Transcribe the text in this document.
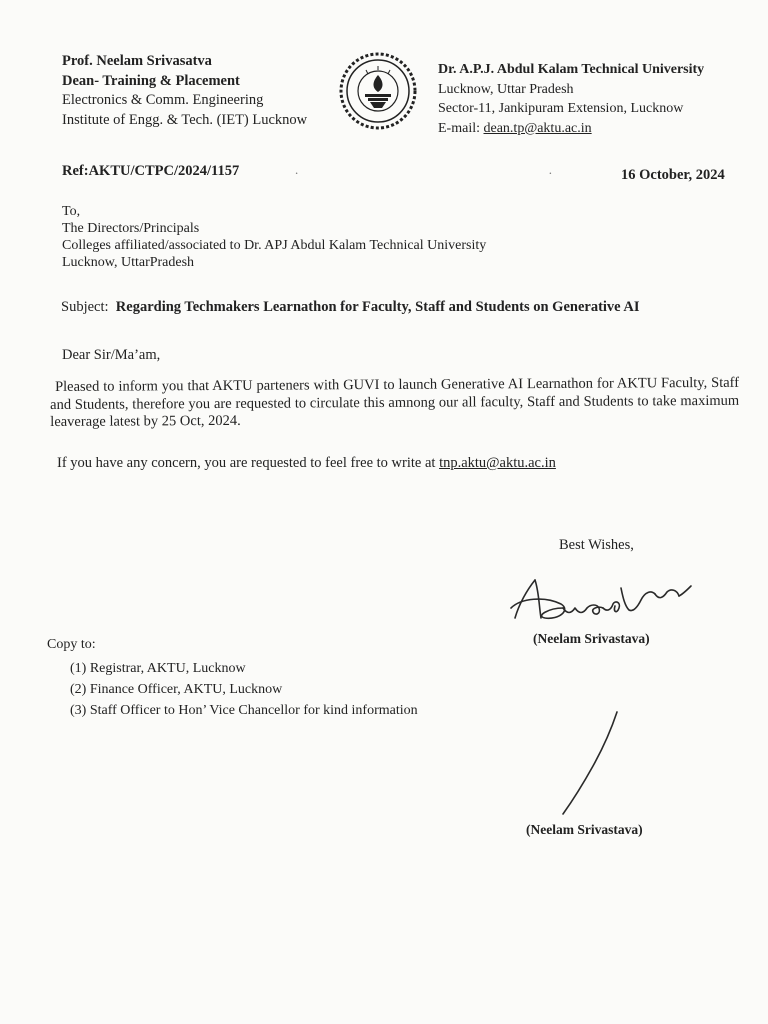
Prof. Neelam Srivasatva
Dean- Training & Placement
Electronics & Comm. Engineering
Institute of Engg. & Tech. (IET) Lucknow
Dr. A.P.J. Abdul Kalam Technical University
Lucknow, Uttar Pradesh
Sector-11, Jankipuram Extension, Lucknow
E-mail: dean.tp@aktu.ac.in
Ref:AKTU/CTPC/2024/1157	.                                  .	16 October, 2024
To,
The Directors/Principals
Colleges affiliated/associated to Dr. APJ Abdul Kalam Technical University
Lucknow, UttarPradesh
Subject: Regarding Techmakers Learnathon for Faculty, Staff and Students on Generative AI
Dear Sir/Ma’am,
Pleased to inform you that AKTU parteners with GUVI to launch Generative AI Learnathon for AKTU Faculty, Staff and Students, therefore you are requested to circulate this amnong our all faculty, Staff and Students to take maximum leaverage latest by 25 Oct, 2024.
If you have any concern, you are requested to feel free to write at tnp.aktu@aktu.ac.in
Best Wishes,
(Neelam Srivastava)
Copy to:
(1) Registrar, AKTU, Lucknow
(2) Finance Officer, AKTU, Lucknow
(3) Staff Officer to Hon’ Vice Chancellor for kind information
(Neelam Srivastava)
